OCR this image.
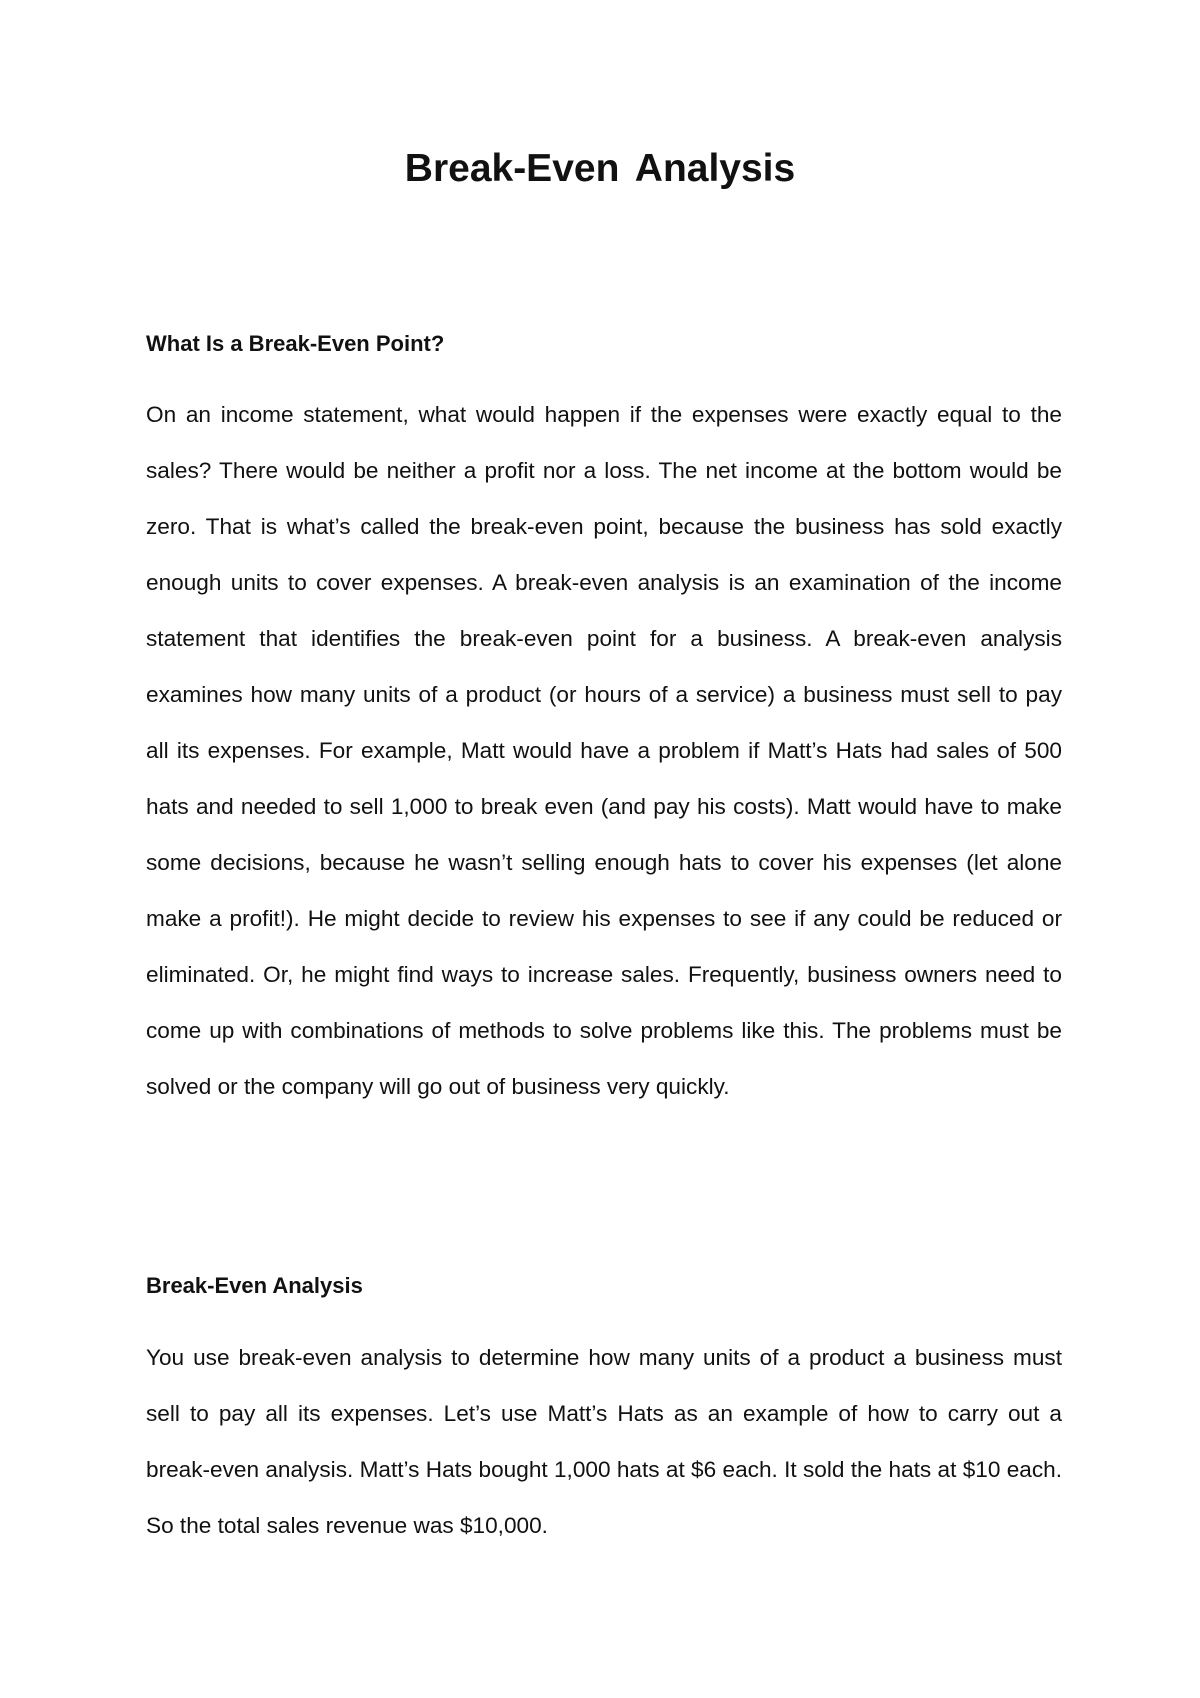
Break-Even Analysis
What Is a Break-Even Point?

On an income statement, what would happen if the expenses were exactly equal to the sales? There would be neither a profit nor a loss. The net income at the bottom would be zero. That is what’s called the break-even point, because the business has sold exactly enough units to cover expenses. A break-even analysis is an examination of the income statement that identifies the break-even point for a business. A break-even analysis examines how many units of a product (or hours of a service) a business must sell to pay all its expenses. For example, Matt would have a problem if Matt’s Hats had sales of 500 hats and needed to sell 1,000 to break even (and pay his costs). Matt would have to make some decisions, because he wasn’t selling enough hats to cover his expenses (let alone make a profit!). He might decide to review his expenses to see if any could be reduced or eliminated. Or, he might find ways to increase sales. Frequently, business owners need to come up with combinations of methods to solve problems like this. The problems must be solved or the company will go out of business very quickly.

Break-Even Analysis

You use break-even analysis to determine how many units of a product a business must sell to pay all its expenses. Let’s use Matt’s Hats as an example of how to carry out a break-even analysis. Matt’s Hats bought 1,000 hats at $6 each. It sold the hats at $10 each. So the total sales revenue was $10,000.
